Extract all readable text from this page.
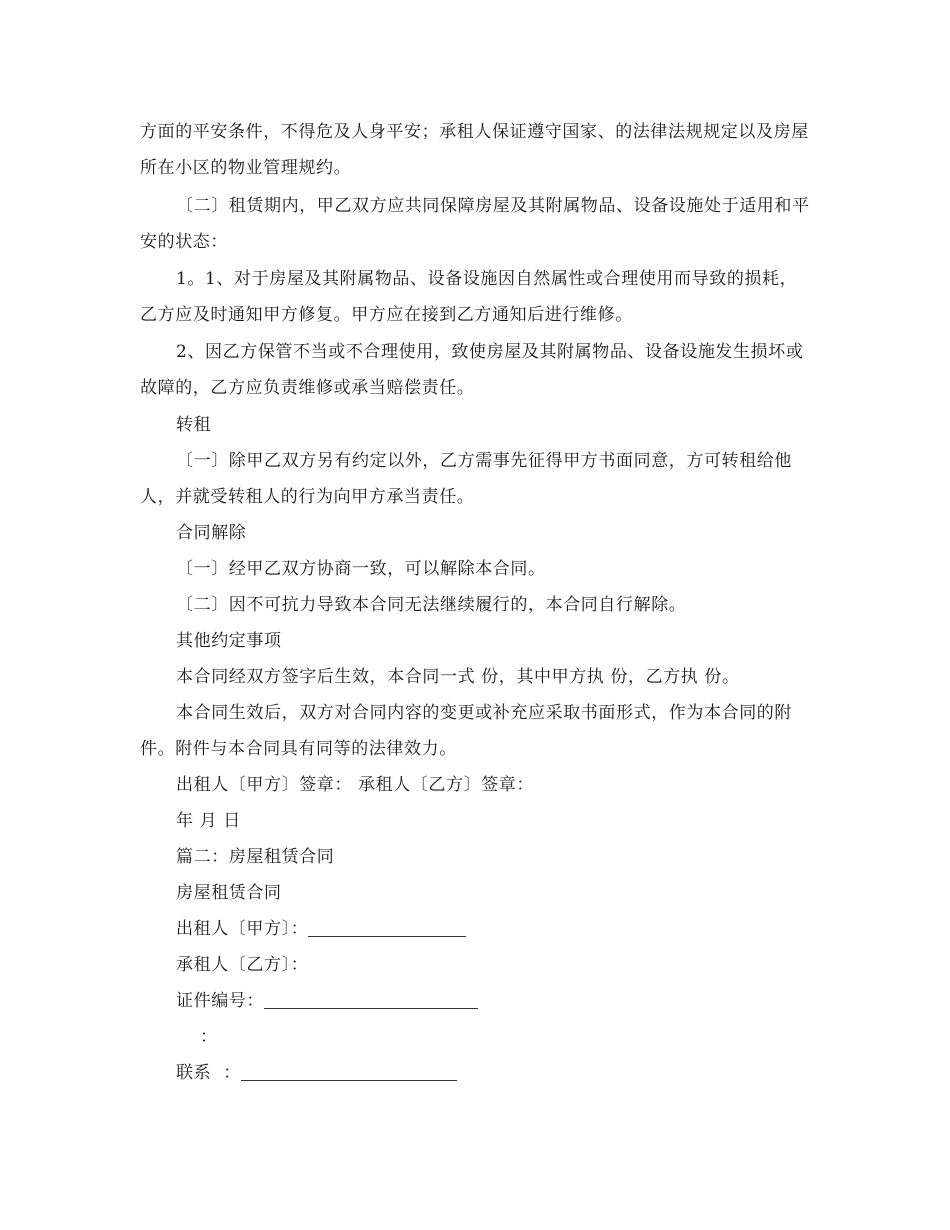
方面的平安条件，不得危及人身平安；承租人保证遵守国家、的法律法规规定以及房屋所在小区的物业管理规约。

〔二〕租赁期内，甲乙双方应共同保障房屋及其附属物品、设备设施处于适用和平安的状态：

1。1、对于房屋及其附属物品、设备设施因自然属性或合理使用而导致的损耗，乙方应及时通知甲方修复。甲方应在接到乙方通知后进行维修。

2、因乙方保管不当或不合理使用，致使房屋及其附属物品、设备设施发生损坏或故障的，乙方应负责维修或承当赔偿责任。

转租

〔一〕除甲乙双方另有约定以外，乙方需事先征得甲方书面同意，方可转租给他人，并就受转租人的行为向甲方承当责任。

合同解除

〔一〕经甲乙双方协商一致，可以解除本合同。

〔二〕因不可抗力导致本合同无法继续履行的，本合同自行解除。

其他约定事项

本合同经双方签字后生效，本合同一式 份，其中甲方执 份，乙方执 份。

本合同生效后，双方对合同内容的变更或补充应采取书面形式，作为本合同的附件。附件与本合同具有同等的法律效力。

出租人〔甲方〕签章： 承租人〔乙方〕签章：

年 月 日

篇二：房屋租赁合同

房屋租赁合同

出租人〔甲方〕：

承租人〔乙方〕：

证件编号：

：

联系  ：
